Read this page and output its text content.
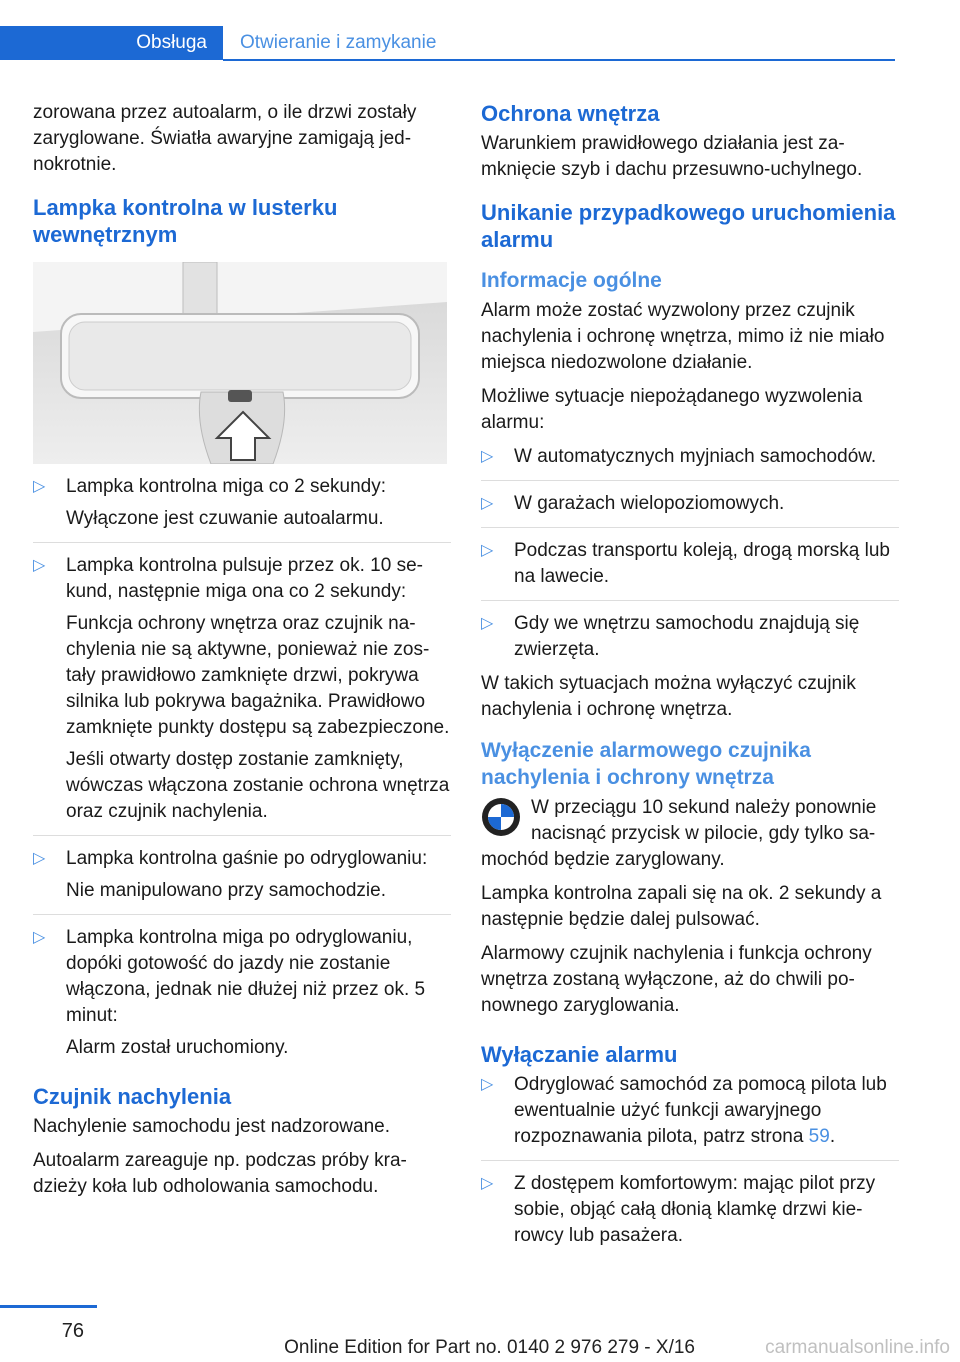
Obsługa	Otwieranie i zamykanie

zorowana przez autoalarm, o ile drzwi zostały zaryglowane. Światła awaryjne zamigają jednokrotnie.

Lampka kontrolna w lusterku wewnętrznym
▷ Lampka kontrolna miga co 2 sekundy:

Wyłączone jest czuwanie autoalarmu.

▷ Lampka kontrolna pulsuje przez ok. 10 sekund, następnie miga ona co 2 sekundy:

Funkcja ochrony wnętrza oraz czujnik nachylenia nie są aktywne, ponieważ nie zostały prawidłowo zamknięte drzwi, pokrywa silnika lub pokrywa bagażnika. Prawidłowo zamknięte punkty dostępu są zabezpieczone.

Jeśli otwarty dostęp zostanie zamknięty, wówczas włączona zostanie ochrona wnętrza oraz czujnik nachylenia.

▷ Lampka kontrolna gaśnie po odryglowaniu:

Nie manipulowano przy samochodzie.

▷ Lampka kontrolna miga po odryglowaniu, dopóki gotowość do jazdy nie zostanie włączona, jednak nie dłużej niż przez ok. 5 minut:

Alarm został uruchomiony.

Czujnik nachylenia

Nachylenie samochodu jest nadzorowane.

Autoalarm zareaguje np. podczas próby kradzieży koła lub odholowania samochodu.

Ochrona wnętrza

Warunkiem prawidłowego działania jest zamknięcie szyb i dachu przesuwno-uchylnego.

Unikanie przypadkowego uruchomienia alarmu
Informacje ogólne

Alarm może zostać wyzwolony przez czujnik nachylenia i ochronę wnętrza, mimo iż nie miało miejsca niedozwolone działanie.

Możliwe sytuacje niepożądanego wyzwolenia alarmu:

▷ W automatycznych myjniach samochodów.
▷ W garażach wielopoziomowych.
▷ Podczas transportu koleją, drogą morską lub na lawecie.
▷ Gdy we wnętrzu samochodu znajdują się zwierzęta.

W takich sytuacjach można wyłączyć czujnik nachylenia i ochronę wnętrza.

Wyłączenie alarmowego czujnika nachylenia i ochrony wnętrza

W przeciągu 10 sekund należy ponownie nacisnąć przycisk w pilocie, gdy tylko samochód będzie zaryglowany.

Lampka kontrolna zapali się na ok. 2 sekundy a następnie będzie dalej pulsować.

Alarmowy czujnik nachylenia i funkcja ochrony wnętrza zostaną wyłączone, aż do chwili ponownego zaryglowania.

Wyłączanie alarmu
▷ Odryglować samochód za pomocą pilota lub ewentualnie użyć funkcji awaryjnego rozpoznawania pilota, patrz strona 59.
▷ Z dostępem komfortowym: mając pilot przy sobie, objąć całą dłonią klamkę drzwi kierowcy lub pasażera.
76
Online Edition for Part no. 0140 2 976 279 - X/16	carmanualsonline.info
